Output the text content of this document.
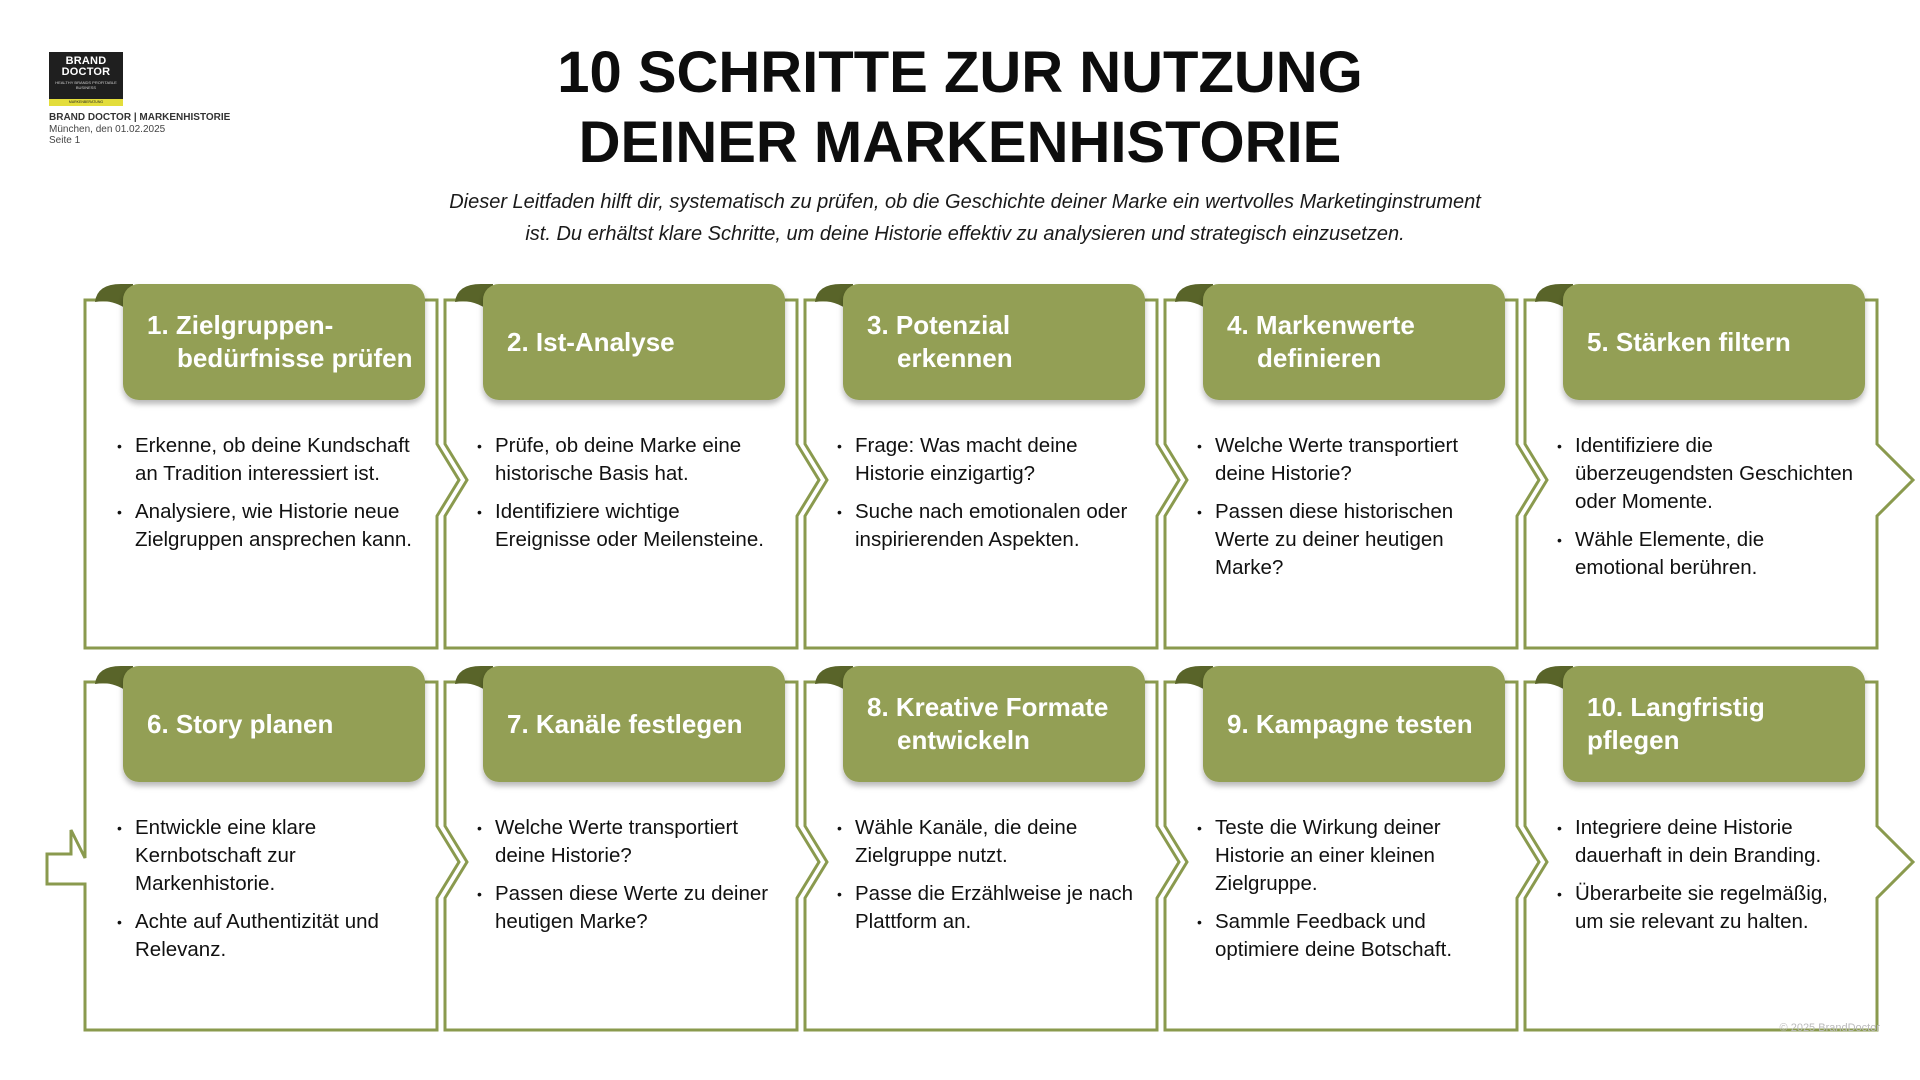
BRAND
DOCTOR
HEALTHY BRANDS PROFITABLE BUSINESS
MARKENBERATUNG
BRAND DOCTOR | MARKENHISTORIE
München, den 01.02.2025
Seite 1
10 SCHRITTE ZUR NUTZUNG
DEINER MARKENHISTORIE
Dieser Leitfaden hilft dir, systematisch zu prüfen, ob die Geschichte deiner Marke ein wertvolles Marketinginstrument
ist. Du erhältst klare Schritte, um deine Historie effektiv zu analysieren und strategisch einzusetzen.
1. Zielgruppen-
bedürfnisse prüfen
• Erkenne, ob deine Kundschaft an Tradition interessiert ist.
• Analysiere, wie Historie neue Zielgruppen ansprechen kann.
2. Ist-Analyse
• Prüfe, ob deine Marke eine historische Basis hat.
• Identifiziere wichtige Ereignisse oder Meilensteine.
3. Potenzial
erkennen
• Frage: Was macht deine Historie einzigartig?
• Suche nach emotionalen oder inspirierenden Aspekten.
4. Markenwerte
definieren
• Welche Werte transportiert deine Historie?
• Passen diese historischen Werte zu deiner heutigen Marke?
5. Stärken filtern
• Identifiziere die überzeugendsten Geschichten oder Momente.
• Wähle Elemente, die emotional berühren.
6. Story planen
• Entwickle eine klare Kernbotschaft zur Markenhistorie.
• Achte auf Authentizität und Relevanz.
7. Kanäle festlegen
• Welche Werte transportiert deine Historie?
• Passen diese Werte zu deiner heutigen Marke?
8. Kreative Formate
entwickeln
• Wähle Kanäle, die deine Zielgruppe nutzt.
• Passe die Erzählweise je nach Plattform an.
9. Kampagne testen
• Teste die Wirkung deiner Historie an einer kleinen Zielgruppe.
• Sammle Feedback und optimiere deine Botschaft.
10. Langfristig pflegen
• Integriere deine Historie dauerhaft in dein Branding.
• Überarbeite sie regelmäßig, um sie relevant zu halten.
© 2025 BrandDoctor
